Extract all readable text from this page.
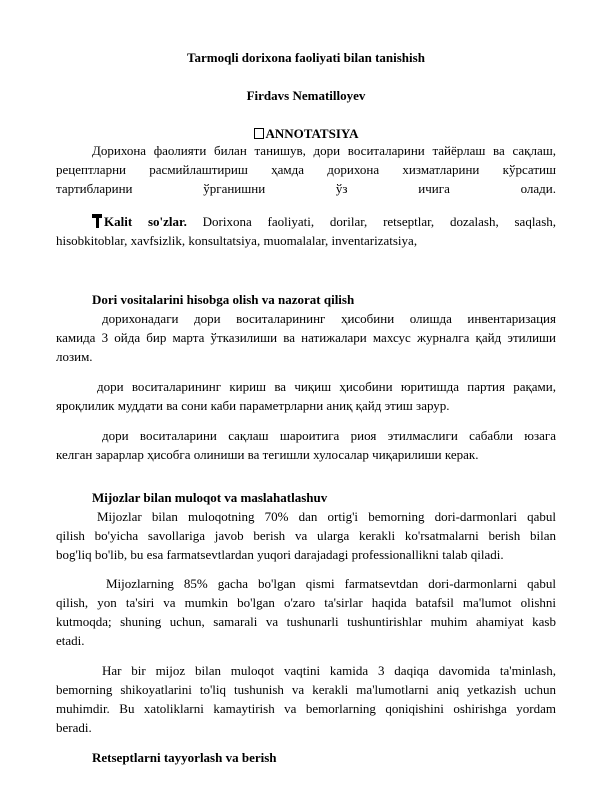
Tarmoqli dorixona faoliyati bilan tanishish
Firdavs Nematilloyev
ANNOTATSIYA
Дорихона фаолияти билан танишув, дори воситаларини тайёрлаш ва сақлаш,
рецептларни расмийлаштириш ҳамда дорихона хизматларини кўрсатиш
тартибларини ўрганишни ўз ичига олади.
Kalit so'zlar. Dorixona faoliyati, dorilar, retseptlar, dozalash, saqlash,
hisobkitoblar, xavfsizlik, konsultatsiya, muomalalar, inventarizatsiya,
Dori vositalarini hisobga olish va nazorat qilish
дорихонадаги дори воситаларининг ҳисобини олишда инвентаризация
камида 3 ойда бир марта ўтказилиши ва натижалари махсус журналга қайд этилиши
лозим.
дори воситаларининг кириш ва чиқиш ҳисобини юритишда партия рақами,
яроқлилик муддати ва сони каби параметрларни аниқ қайд этиш зарур.
дори воситаларини сақлаш шароитига риоя этилмаслиги сабабли юзага
келган зарарлар ҳисобга олиниши ва тегишли хулосалар чиқарилиши керак.
Mijozlar bilan muloqot va maslahatlashuv
Mijozlar bilan muloqotning 70% dan ortig'i bemorning dori-darmonlari qabul
qilish bo'yicha savollariga javob berish va ularga kerakli ko'rsatmalarni berish bilan
bog'liq bo'lib, bu esa farmatsevtlardan yuqori darajadagi professionallikni talab qiladi.
Mijozlarning 85% gacha bo'lgan qismi farmatsevtdan dori-darmonlarni qabul
qilish, yon ta'siri va mumkin bo'lgan o'zaro ta'sirlar haqida batafsil ma'lumot olishni
kutmoqda; shuning uchun, samarali va tushunarli tushuntirishlar muhim ahamiyat kasb
etadi.
Har bir mijoz bilan muloqot vaqtini kamida 3 daqiqa davomida ta'minlash,
bemorning shikoyatlarini to'liq tushunish va kerakli ma'lumotlarni aniq yetkazish uchun
muhimdir. Bu xatoliklarni kamaytirish va bemorlarning qoniqishini oshirishga yordam
beradi.
Retseptlarni tayyorlash va berish
